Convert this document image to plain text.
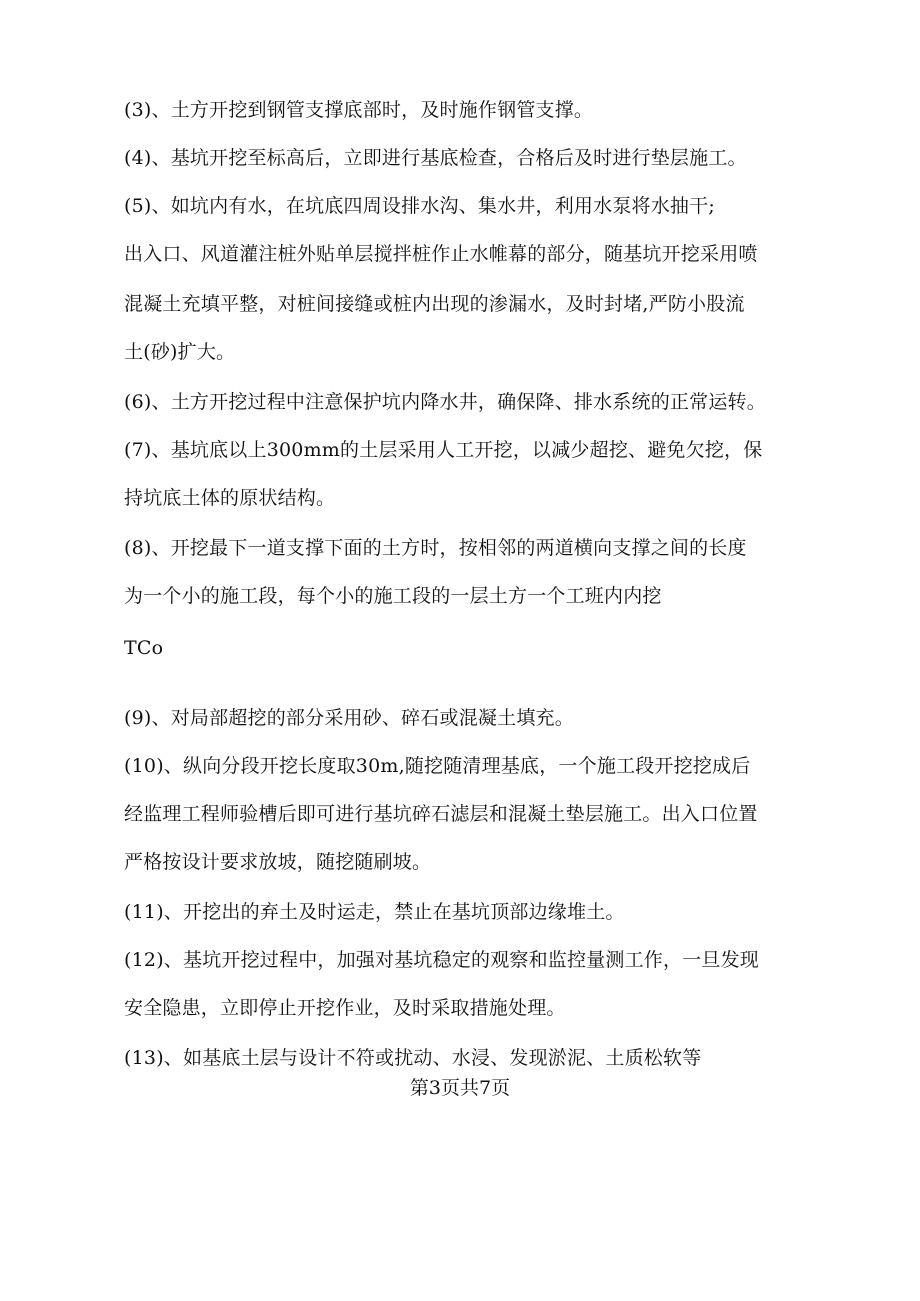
(3)、土方开挖到钢管支撑底部时，及时施作钢管支撑。
(4)、基坑开挖至标高后，立即进行基底检查，合格后及时进行垫层施工。
(5)、如坑内有水，在坑底四周设排水沟、集水井，利用水泵将水抽干;
出入口、风道灌注桩外贴单层搅拌桩作止水帷幕的部分，随基坑开挖采用喷
混凝土充填平整，对桩间接缝或桩内出现的渗漏水，及时封堵,严防小股流
土(砂)扩大。
(6)、土方开挖过程中注意保护坑内降水井，确保降、排水系统的正常运转。
(7)、基坑底以上300mm的土层采用人工开挖，以减少超挖、避免欠挖，保
持坑底土体的原状结构。
(8)、开挖最下一道支撑下面的土方时，按相邻的两道横向支撑之间的长度
为一个小的施工段，每个小的施工段的一层土方一个工班内内挖
TCo
(9)、对局部超挖的部分采用砂、碎石或混凝土填充。
(10)、纵向分段开挖长度取30m,随挖随清理基底，一个施工段开挖挖成后
经监理工程师验槽后即可进行基坑碎石滤层和混凝土垫层施工。出入口位置
严格按设计要求放坡，随挖随刷坡。
(11)、开挖出的弃土及时运走，禁止在基坑顶部边缘堆土。
(12)、基坑开挖过程中，加强对基坑稳定的观察和监控量测工作，一旦发现
安全隐患，立即停止开挖作业，及时采取措施处理。
(13)、如基底土层与设计不符或扰动、水浸、发现淤泥、土质松软等
第3页共7页
